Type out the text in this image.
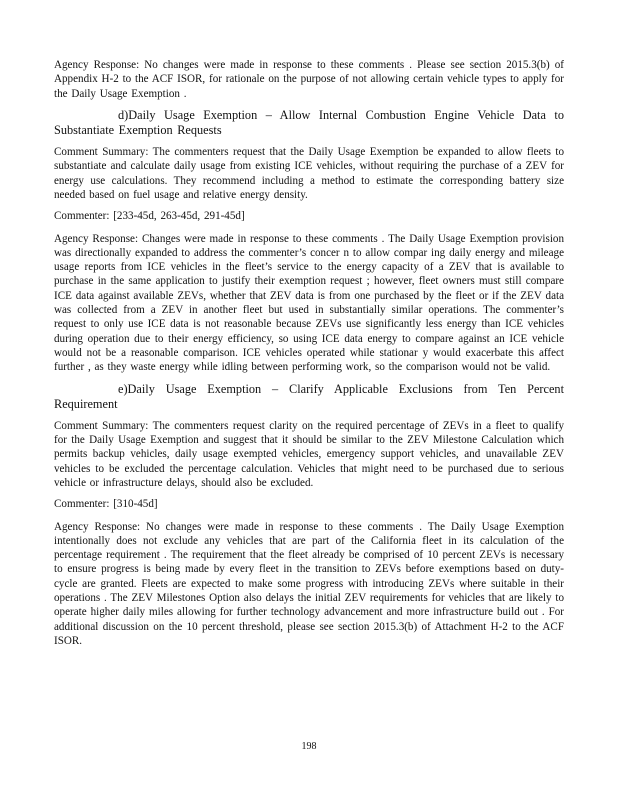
Agency Response: No changes were made in response to these comments . Please see section 2015.3(b) of Appendix H-2 to the ACF ISOR, for rationale on the purpose of not allowing certain vehicle types to apply for the Daily Usage Exemption .

d)Daily Usage Exemption – Allow Internal Combustion Engine Vehicle Data to Substantiate Exemption Requests

Comment Summary: The commenters request that the Daily Usage Exemption be expanded to allow fleets to substantiate and calculate daily usage from existing ICE vehicles, without requiring the purchase of a ZEV for energy use calculations. They recommend including a method to estimate the corresponding battery size needed based on fuel usage and relative energy density.

Commenter: [233-45d, 263-45d, 291-45d]

Agency Response: Changes were made in response to these comments . The Daily Usage Exemption provision was directionally expanded to address the commenter’s concer n to allow compar ing daily energy and mileage usage reports from ICE vehicles in the fleet’s service to the energy capacity of a ZEV that is available to purchase in the same application to justify their exemption request ; however, fleet owners must still compare ICE data against available ZEVs, whether that ZEV data is from one purchased by the fleet or if the ZEV data was collected from a ZEV in another fleet but used in substantially similar operations. The commenter’s request to only use ICE data is not reasonable because ZEVs use significantly less energy than ICE vehicles during operation due to their energy efficiency, so using ICE data energy to compare against an ICE vehicle would not be a reasonable comparison. ICE vehicles operated while stationar y would exacerbate this affect further , as they waste energy while idling between performing work, so the comparison would not be valid.

e)Daily Usage Exemption – Clarify Applicable Exclusions from Ten Percent Requirement

Comment Summary: The commenters request clarity on the required percentage of ZEVs in a fleet to qualify for the Daily Usage Exemption and suggest that it should be similar to the ZEV Milestone Calculation which permits backup vehicles, daily usage exempted vehicles, emergency support vehicles, and unavailable ZEV vehicles to be excluded the percentage calculation. Vehicles that might need to be purchased due to serious vehicle or infrastructure delays, should also be excluded.

Commenter: [310-45d]

Agency Response: No changes were made in response to these comments . The Daily Usage Exemption intentionally does not exclude any vehicles that are part of the California fleet in its calculation of the percentage requirement . The requirement that the fleet already be comprised of 10 percent ZEVs is necessary to ensure progress is being made by every fleet in the transition to ZEVs before exemptions based on duty-cycle are granted. Fleets are expected to make some progress with introducing ZEVs where suitable in their operations . The ZEV Milestones Option also delays the initial ZEV requirements for vehicles that are likely to operate higher daily miles allowing for further technology advancement and more infrastructure build out . For additional discussion on the 10 percent threshold, please see section 2015.3(b) of Attachment H-2 to the ACF ISOR.

198
